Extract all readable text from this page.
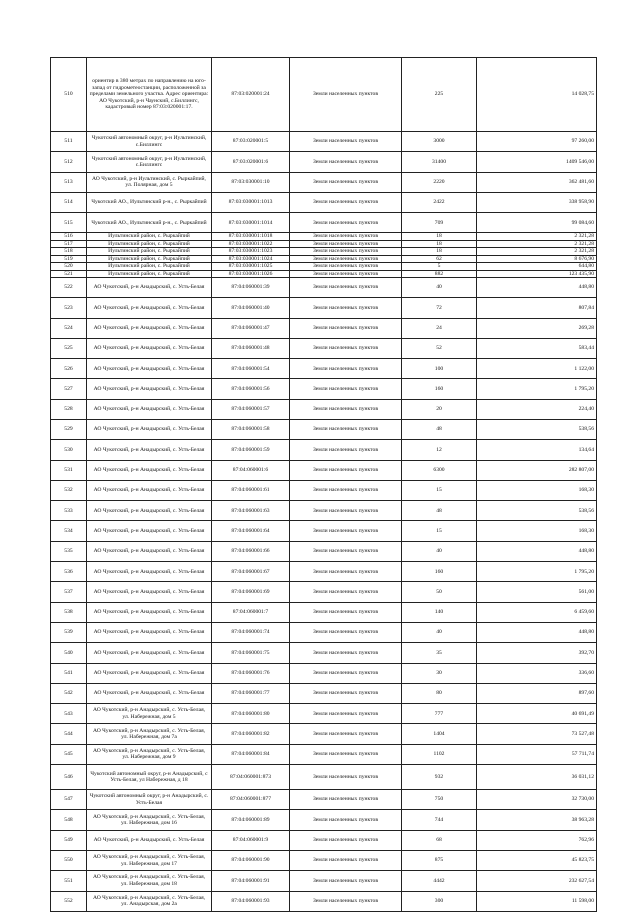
510	ориентир в 380 метрах по направлению на юго-запад от гидрометеостанции, расположенной за пределами земельного участка. Адрес ориентира: АО Чукотский, р-н Чаунский, с.Биллингс, кадастровый номер 87:03:020001:17.	87:03:020001:24	Земли населенных пунктов	225	14 028,75
511	Чукотский автономный округ, р-н Иультинский, с.Биллингс	87:03:020001:5	Земли населенных пунктов	3000	97 260,00
512	Чукотский автономный округ, р-н Иультинский, с.Биллингс	87:03:020001:6	Земли населенных пунктов	31400	1409 546,00
513	АО Чукотский, р-н Иультинский, с. Рыркайпий, ул. Полярная, дом 5	87:03:030001:10	Земли населенных пунктов	2220	362 481,60
514	Чукотский АО., Иультинский р-н., с. Рыркайпий	87:03:030001:1013	Земли населенных пунктов	2422	338 958,90
515	Чукотский АО., Иультинский р-н., с. Рыркайпий	87:03:030001:1014	Земли населенных пунктов	709	99 084,60
516	Иультинский район, с. Рыркайпий	87:03:030001:1018	Земли населенных пунктов	18	2 321,28
517	Иультинский район, с. Рыркайпий	87:03:030001:1022	Земли населенных пунктов	18	2 321,28
518	Иультинский район, с. Рыркайпий	87:03:030001:1023	Земли населенных пунктов	18	2 321,28
519	Иультинский район, с. Рыркайпий	87:03:030001:1024	Земли населенных пунктов	62	8 676,90
520	Иультинский район, с. Рыркайпий	87:03:030001:1025	Земли населенных пунктов	5	644,80
521	Иультинский район, с. Рыркайпий	87:03:030001:1026	Земли населенных пунктов	882	123 435,90
522	АО Чукотский, р-н Анадырский, с. Усть-Белая	87:04:060001:39	Земли населенных пунктов	40	448,80
523	АО Чукотский, р-н Анадырский, с. Усть-Белая	87:04:060001:40	Земли населенных пунктов	72	807,84
524	АО Чукотский, р-н Анадырский, с. Усть-Белая	87:04:060001:47	Земли населенных пунктов	24	269,28
525	АО Чукотский, р-н Анадырский, с. Усть-Белая	87:04:060001:48	Земли населенных пунктов	52	583,44
526	АО Чукотский, р-н Анадырский, с. Усть-Белая	87:04:060001:54	Земли населенных пунктов	100	1 122,00
527	АО Чукотский, р-н Анадырский, с. Усть-Белая	87:04:060001:56	Земли населенных пунктов	160	1 795,20
528	АО Чукотский, р-н Анадырский, с. Усть-Белая	87:04:060001:57	Земли населенных пунктов	20	224,40
529	АО Чукотский, р-н Анадырский, с. Усть-Белая	87:04:060001:58	Земли населенных пунктов	48	538,56
530	АО Чукотский, р-н Анадырский, с. Усть-Белая	87:04:060001:59	Земли населенных пунктов	12	134,64
531	АО Чукотский, р-н Анадырский, с. Усть-Белая	87:04:060001:6	Земли населенных пунктов	6300	282 807,00
532	АО Чукотский, р-н Анадырский, с. Усть-Белая	87:04:060001:61	Земли населенных пунктов	15	168,30
533	АО Чукотский, р-н Анадырский, с. Усть-Белая	87:04:060001:63	Земли населенных пунктов	48	538,56
534	АО Чукотский, р-н Анадырский, с. Усть-Белая	87:04:060001:64	Земли населенных пунктов	15	168,30
535	АО Чукотский, р-н Анадырский, с. Усть-Белая	87:04:060001:66	Земли населенных пунктов	40	448,80
536	АО Чукотский, р-н Анадырский, с. Усть-Белая	87:04:060001:67	Земли населенных пунктов	160	1 795,20
537	АО Чукотский, р-н Анадырский, с. Усть-Белая	87:04:060001:69	Земли населенных пунктов	50	561,00
538	АО Чукотский, р-н Анадырский, с. Усть-Белая	87:04:060001:7	Земли населенных пунктов	140	6 459,60
539	АО Чукотский, р-н Анадырский, с. Усть-Белая	87:04:060001:74	Земли населенных пунктов	40	448,80
540	АО Чукотский, р-н Анадырский, с. Усть-Белая	87:04:060001:75	Земли населенных пунктов	35	392,70
541	АО Чукотский, р-н Анадырский, с. Усть-Белая	87:04:060001:76	Земли населенных пунктов	30	336,60
542	АО Чукотский, р-н Анадырский, с. Усть-Белая	87:04:060001:77	Земли населенных пунктов	80	897,60
543	АО Чукотский, р-н Анадырский, с. Усть-Белая, ул. Набережная, дом 5	87:04:060001:80	Земли населенных пунктов	777	40 691,49
544	АО Чукотский, р-н Анадырский, с. Усть-Белая, ул. Набережная, дом 7а	87:04:060001:82	Земли населенных пунктов	1404	73 527,48
545	АО Чукотский, р-н Анадырский, с. Усть-Белая, ул. Набережная, дом 9	87:04:060001:84	Земли населенных пунктов	1102	57 711,74
546	Чукотский автономный округ, р-н Анадырский, с Усть-Белая, ул Набережная, д 18	87:04:060001:873	Земли населенных пунктов	932	36 031,12
547	Чукотский автономный округ, р-н Анадырский, с. Усть-Белая	87:04:060001:877	Земли населенных пунктов	750	32 730,00
548	АО Чукотский, р-н Анадырский, с. Усть-Белая, ул. Набережная, дом 16	87:04:060001:89	Земли населенных пунктов	744	38 963,28
549	АО Чукотский, р-н Анадырский, с. Усть-Белая	87:04:060001:9	Земли населенных пунктов	68	762,96
550	АО Чукотский, р-н Анадырский, с. Усть-Белая, ул. Набережная, дом 17	87:04:060001:90	Земли населенных пунктов	875	45 823,75
551	АО Чукотский, р-н Анадырский, с. Усть-Белая, ул. Набережная, дом 18	87:04:060001:91	Земли населенных пунктов	4442	232 627,54
552	АО Чукотский, р-н Анадырский, с. Усть-Белая, ул. Анадырская, дом 2а	87:04:060001:93	Земли населенных пунктов	300	11 598,00
